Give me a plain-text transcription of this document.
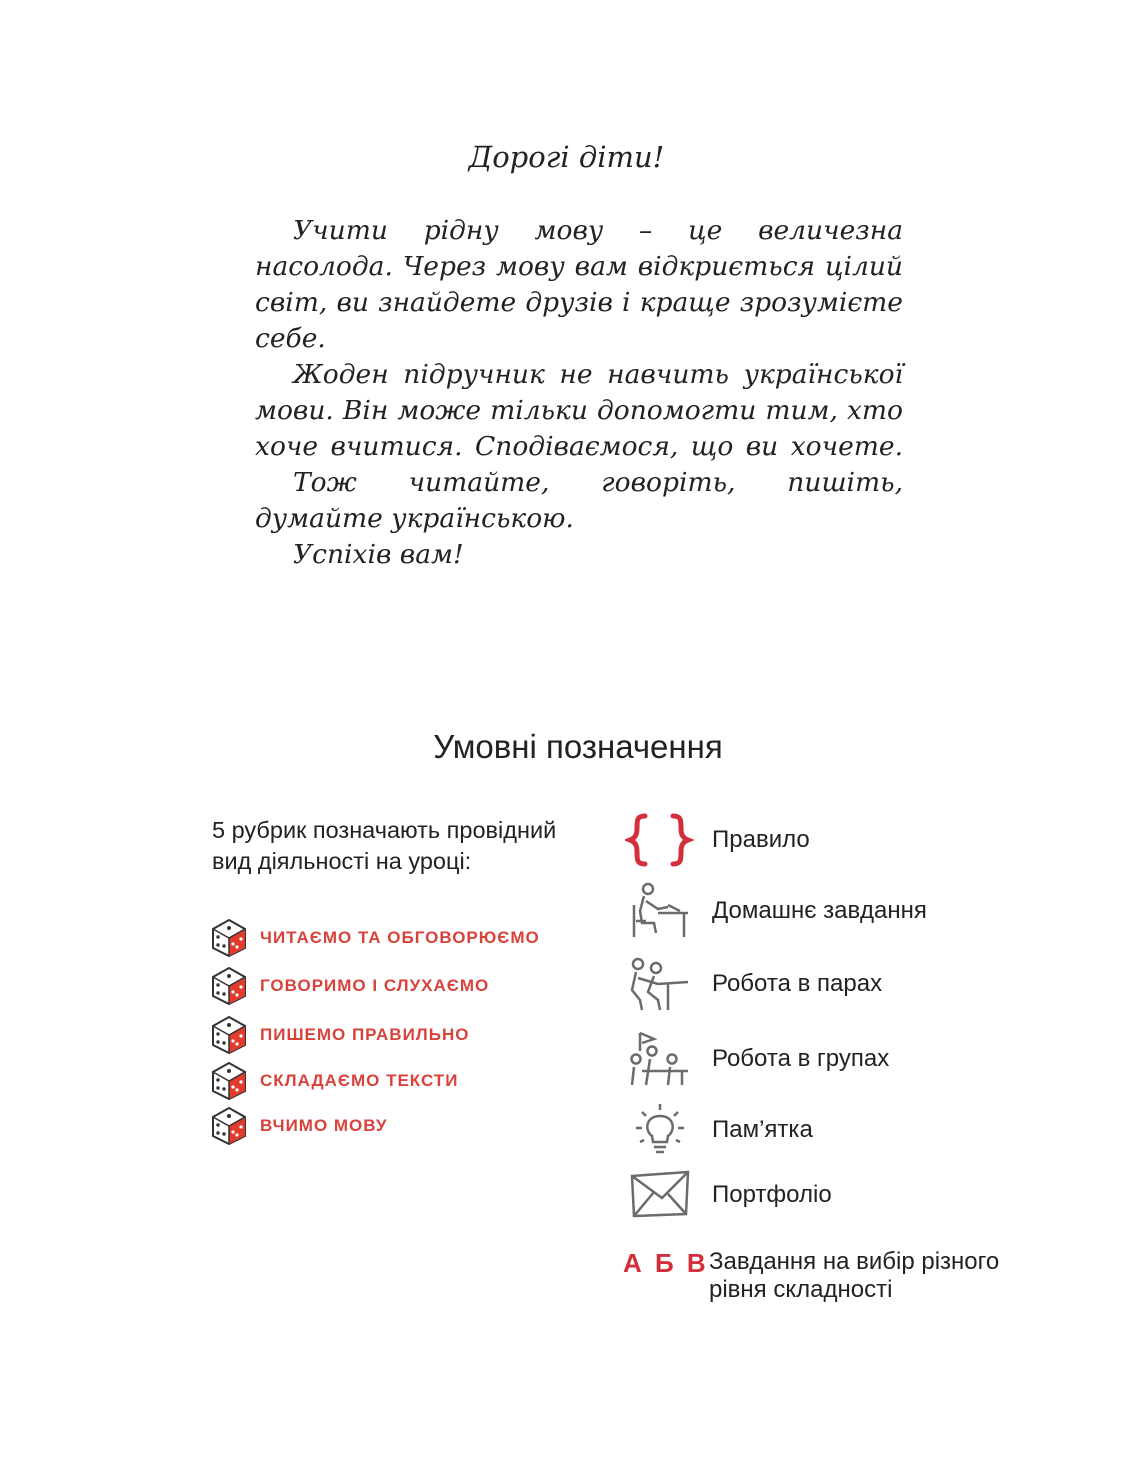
Дорогі діти!

Учити рідну мову – це величезна насолода. Через мову вам відкриється цілий світ, ви знайдете друзів і краще зрозумієте себе.

Жоден підручник не навчить української мови. Він може тільки допомогти тим, хто хоче вчитися. Сподіваємося, що ви хочете.

Тож читайте, говоріть, пишіть, думайте українською.

Успіхів вам!

Умовні позначення
5 рубрик позначають провідний вид діяльності на уроці:
ЧИТАЄМО ТА ОБГОВОРЮЄМО
ГОВОРИМО І СЛУХАЄМО
ПИШЕМО ПРАВИЛЬНО
СКЛАДАЄМО ТЕКСТИ
ВЧИМО МОВУ
Правило
Домашнє завдання
Робота в парах
Робота в групах
Пам’ятка
Портфоліо
А Б В Завдання на вибір різного рівня складності
